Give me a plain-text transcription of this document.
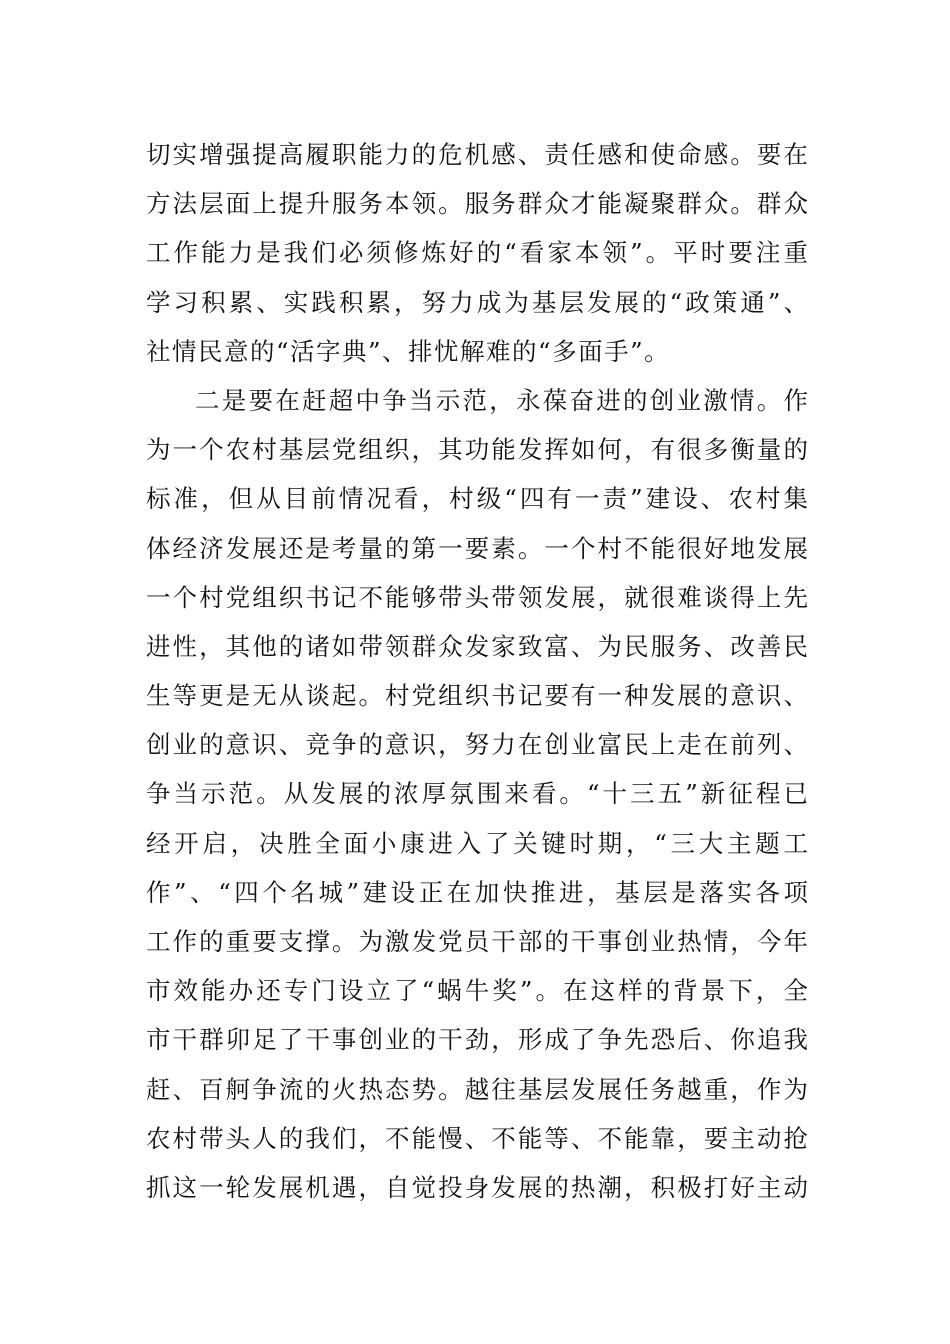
切实增强提高履职能力的危机感、责任感和使命感。要在
方法层面上提升服务本领。服务群众才能凝聚群众。群众
工作能力是我们必须修炼好的“看家本领”。平时要注重
学习积累、实践积累，努力成为基层发展的“政策通”、
社情民意的“活字典”、排忧解难的“多面手”。
二是要在赶超中争当示范，永葆奋进的创业激情。作
为一个农村基层党组织，其功能发挥如何，有很多衡量的
标准，但从目前情况看，村级“四有一责”建设、农村集
体经济发展还是考量的第一要素。一个村不能很好地发展
一个村党组织书记不能够带头带领发展，就很难谈得上先
进性，其他的诸如带领群众发家致富、为民服务、改善民
生等更是无从谈起。村党组织书记要有一种发展的意识、
创业的意识、竞争的意识，努力在创业富民上走在前列、
争当示范。从发展的浓厚氛围来看。“十三五”新征程已
经开启，决胜全面小康进入了关键时期，“三大主题工
作”、“四个名城”建设正在加快推进，基层是落实各项
工作的重要支撑。为激发党员干部的干事创业热情，今年
市效能办还专门设立了“蜗牛奖”。在这样的背景下，全
市干群卯足了干事创业的干劲，形成了争先恐后、你追我
赶、百舸争流的火热态势。越往基层发展任务越重，作为
农村带头人的我们，不能慢、不能等、不能靠，要主动抢
抓这一轮发展机遇，自觉投身发展的热潮，积极打好主动
